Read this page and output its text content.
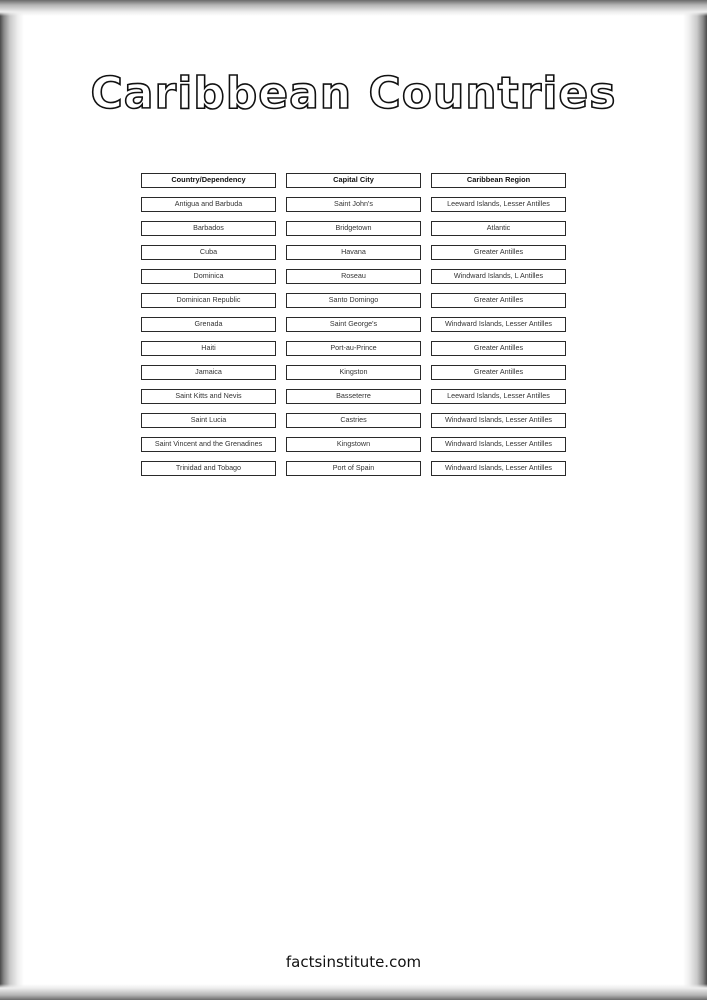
Caribbean Countries
Country/Dependency	Capital City	Caribbean Region
Antigua and Barbuda	Saint John's	Leeward Islands, Lesser Antilles
Barbados	Bridgetown	Atlantic
Cuba	Havana	Greater Antilles
Dominica	Roseau	Windward Islands, L Antilles
Dominican Republic	Santo Domingo	Greater Antilles
Grenada	Saint George's	Windward Islands, Lesser Antilles
Haiti	Port-au-Prince	Greater Antilles
Jamaica	Kingston	Greater Antilles
Saint Kitts and Nevis	Basseterre	Leeward Islands, Lesser Antilles
Saint Lucia	Castries	Windward Islands, Lesser Antilles
Saint Vincent and the Grenadines	Kingstown	Windward Islands, Lesser Antilles
Trinidad and Tobago	Port of Spain	Windward Islands, Lesser Antilles
factsinstitute.com
